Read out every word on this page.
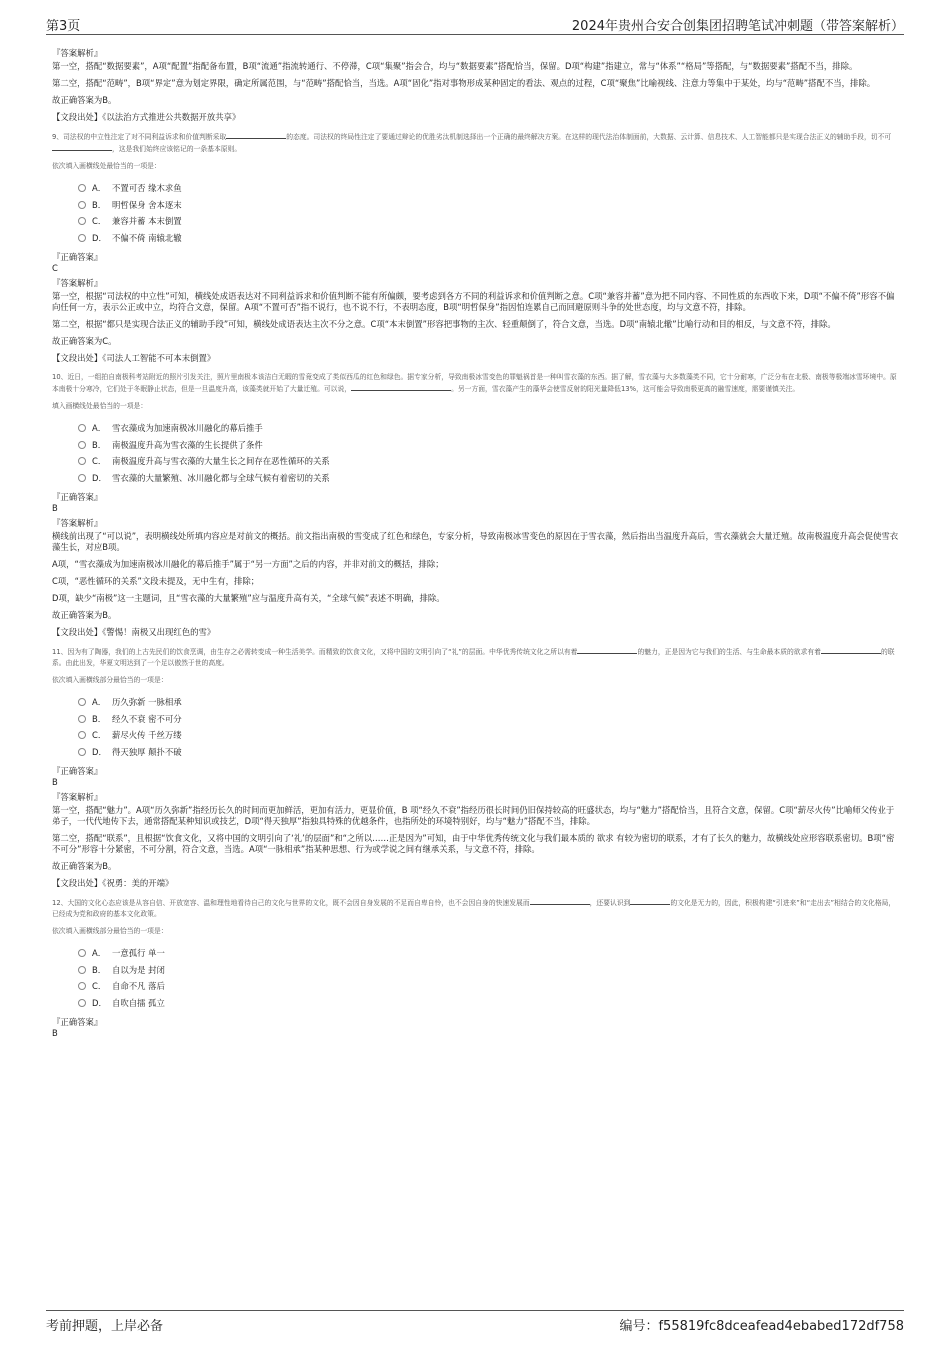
第3页	2024年贵州合安合创集团招聘笔试冲刺题（带答案解析）

『答案解析』

第一空，搭配“数据要素”，A项“配置”指配备布置，B项“流通”指流转通行、不停滞，C项“集聚”指会合，均与“数据要素”搭配恰当，保留。D项“构建”指建立，常与“体系”“格局”等搭配，与“数据要素”搭配不当，排除。

第二空，搭配“范畴”，B项“界定”意为划定界限，确定所属范围，与“范畴”搭配恰当，当选。A项“固化”指对事物形成某种固定的看法、观点的过程，C项“聚焦”比喻视线、注意力等集中于某处，均与“范畴”搭配不当，排除。

故正确答案为B。

【文段出处】《以法治方式推进公共数据开放共享》

9、司法权的中立性注定了对不同利益诉求和价值判断采取	的态度。司法权的终局性注定了要通过辩论的优胜劣汰机制选择出一个正确的最终解决方案。在这样的现代法治体制面前，大数据、云计算、信息技术、人工智能都只是实现合法正义的辅助手段，切不可，这是我们始终应该铭记的一条基本原则。

依次填入画横线处最恰当的一项是：

A． 不置可否 缘木求鱼
B． 明哲保身 舍本逐末
C． 兼容并蓄 本末倒置
D． 不偏不倚 南辕北辙

『正确答案』

C

『答案解析』

第一空，根据“司法权的中立性”可知，横线处成语表达对不同利益诉求和价值判断不能有所偏颇，要考虑到各方不同的利益诉求和价值判断之意。C项“兼容并蓄”意为把不同内容、不同性质的东西收下来，D项“不偏不倚”形容不偏向任何一方，表示公正或中立，均符合文意，保留。A项“不置可否”指不说行，也不说不行，不表明态度，B项“明哲保身”指因怕连累自己而回避原则斗争的处世态度，均与文意不符，排除。

第二空，根据“都只是实现合法正义的辅助手段”可知，横线处成语表达主次不分之意。C项“本末倒置”形容把事物的主次、轻重颠倒了，符合文意，当选。D项“南辕北辙”比喻行动和目的相反，与文意不符，排除。

故正确答案为C。

【文段出处】《司法人工智能不可本末倒置》

10、近日，一组拍自南极科考站附近的照片引发关注，照片里南极本该洁白无暇的雪竟变成了类似西瓜的红色和绿色。据专家分析，导致南极冰雪变色的罪魁祸首是一种叫雪衣藻的东西。据了解，雪衣藻与大多数藻类不同，它十分耐寒，广泛分布在北极、南极等极端冰雪环境中。原本南极十分寒冷，它们处于冬眠静止状态，但是一旦温度升高，该藻类就开始了大量迁殖。可以说，	。另一方面，雪衣藻产生的藻华会使雪反射的阳光量降低13%，这可能会导致南极更高的融雪速度，需要谨慎关注。

填入画横线处最恰当的一项是：

A． 雪衣藻成为加速南极冰川融化的幕后推手
B． 南极温度升高为雪衣藻的生长提供了条件
C． 南极温度升高与雪衣藻的大量生长之间存在恶性循环的关系
D． 雪衣藻的大量繁殖、冰川融化都与全球气候有着密切的关系

『正确答案』

B

『答案解析』

横线前出现了“可以说”，表明横线处所填内容应是对前文的概括。前文指出南极的雪变成了红色和绿色，专家分析，导致南极冰雪变色的原因在于雪衣藻，然后指出当温度升高后，雪衣藻就会大量迁殖。故南极温度升高会促使雪衣藻生长，对应B项。

A项，“雪衣藻成为加速南极冰川融化的幕后推手”属于“另一方面”之后的内容，并非对前文的概括，排除；

C项，“恶性循环的关系”文段未提及，无中生有，排除；

D项，缺少“南极”这一主题词，且“雪衣藻的大量繁殖”应与温度升高有关，“全球气候”表述不明确，排除。

故正确答案为B。

【文段出处】《警惕！南极又出现红色的雪》

11、因为有了陶器，我们的上古先民们的饮食烹调，由生存之必需转变成一种生活美学。而精致的饮食文化，又将中国的文明引向了“礼”的层面。中华优秀传统文化之所以有着	的魅力，正是因为它与我们的生活、与生命最本质的欲求有着	的联系。由此出发，华夏文明达到了一个足以傲然于世的高度。

依次填入画横线部分最恰当的一项是：

A． 历久弥新 一脉相承
B． 经久不衰 密不可分
C． 薪尽火传 千丝万缕
D． 得天独厚 颠扑不破

『正确答案』

B

『答案解析』

第一空，搭配“魅力”。A项“历久弥新”指经历长久的时间而更加鲜活，更加有活力，更显价值，B 项“经久不衰”指经历很长时间仍旧保持较高的旺盛状态，均与“魅力”搭配恰当，且符合文意，保留。C项“薪尽火传”比喻师父传业于弟子，一代代地传下去，通常搭配某种知识或技艺，D项“得天独厚”指独具特殊的优越条件，也指所处的环境特别好，均与“魅力”搭配不当，排除。

第二空，搭配“联系”，且根据“饮食文化，又将中国的文明引向了‘礼’的层面”和“之所以……正是因为”可知，由于中华优秀传统文化与我们最本质的 欲求 有较为密切的联系，才有了长久的魅力，故横线处应形容联系密切。B项“密不可分”形容十分紧密，不可分割，符合文意，当选。A项“一脉相承”指某种思想、行为或学说之间有继承关系，与文意不符，排除。

故正确答案为B。

【文段出处】《祝勇：美的开端》

12、大国的文化心态应该是从容自信、开放宽容、温和理性地看待自己的文化与世界的文化，既不会因自身发展的不足而自卑自怜，也不会因自身的快速发展而	，还要认识到	的文化是无力的，因此，积极构建“引进来”和“走出去”相结合的文化格局，已经成为党和政府的基本文化政策。

依次填入画横线部分最恰当的一项是：

A． 一意孤行 单一
B． 自以为是 封闭
C． 自命不凡 落后
D． 自吹自擂 孤立

『正确答案』

B

考前押题，上岸必备	编号：f55819fc8dceafead4ebabed172df758
